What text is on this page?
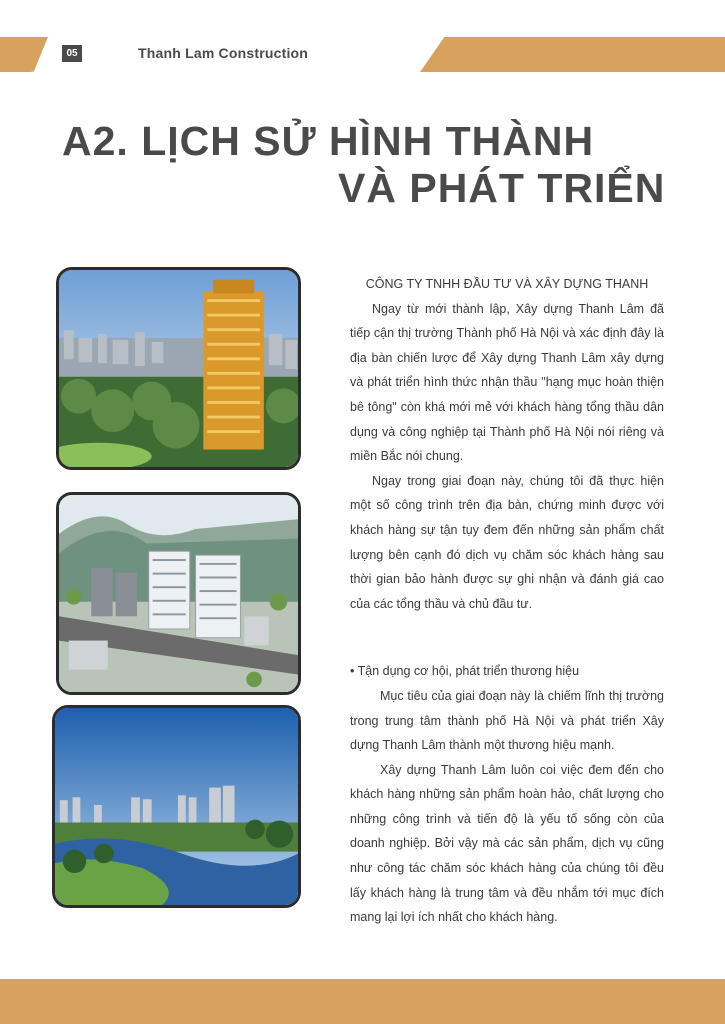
05	Thanh Lam Construction
A2. LỊCH SỬ HÌNH THÀNH
VÀ PHÁT TRIỂN

CÔNG TY TNHH ĐẦU TƯ VÀ XÂY DỰNG THANH

Ngay từ mới thành lập, Xây dựng Thanh Lâm đã tiếp cận thị trường Thành phố Hà Nội và xác định đây là địa bàn chiến lược để Xây dựng Thanh Lâm xây dựng và phát triển hình thức nhận thầu "hạng mục hoàn thiện bê tông" còn khá mới mẻ với khách hàng tổng thầu dân dụng và công nghiệp tại Thành phố Hà Nội nói riêng và miền Bắc nói chung.

Ngay trong giai đoạn này, chúng tôi đã thực hiện một số công trình trên địa bàn, chứng minh được với khách hàng sự tận tụy đem đến những sản phẩm chất lượng bên cạnh đó dịch vụ chăm sóc khách hàng sau thời gian bảo hành được sự ghi nhận và đánh giá cao của các tổng thầu và chủ đầu tư.

• Tận dụng cơ hội, phát triển thương hiệu

Mục tiêu của giai đoạn này là chiếm lĩnh thị trường trong trung tâm thành phố Hà Nội và phát triển Xây dựng Thanh Lâm thành một thương hiệu mạnh.

Xây dựng Thanh Lâm luôn coi việc đem đến cho khách hàng những sản phẩm hoàn hảo, chất lượng cho những công trình và tiến độ là yếu tố sống còn của doanh nghiệp. Bởi vậy mà các sản phẩm, dịch vụ cũng như công tác chăm sóc khách hàng của chúng tôi đều lấy khách hàng là trung tâm và đều nhắm tới mục đích mang lại lợi ích nhất cho khách hàng.
